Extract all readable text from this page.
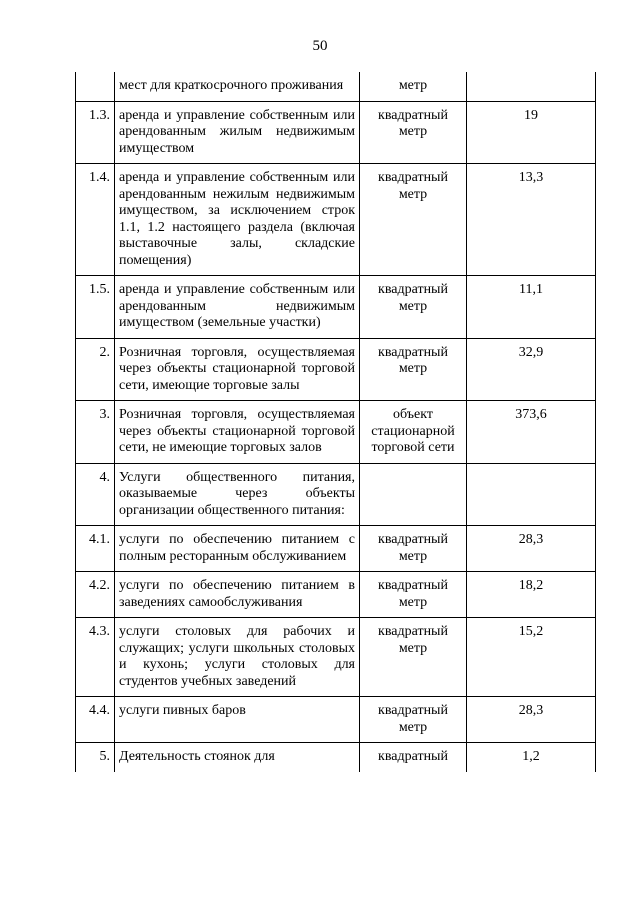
50
	мест для краткосрочного проживания	метр	
1.3.	аренда и управление собственным или арендованным жилым недвижимым имуществом	квадратный метр	19
1.4.	аренда и управление собственным или арендованным нежилым недвижимым имуществом, за исключением строк 1.1, 1.2 настоящего раздела (включая выставочные залы, складские помещения)	квадратный метр	13,3
1.5.	аренда и управление собственным или арендованным недвижимым имуществом (земельные участки)	квадратный метр	11,1
2.	Розничная торговля, осуществляемая через объекты стационарной торговой сети, имеющие торговые залы	квадратный метр	32,9
3.	Розничная торговля, осуществляемая через объекты стационарной торговой сети, не имеющие торговых залов	объект стационарной торговой сети	373,6
4.	Услуги общественного питания, оказываемые через объекты организации общественного питания:		
4.1.	услуги по обеспечению питанием с полным ресторанным обслуживанием	квадратный метр	28,3
4.2.	услуги по обеспечению питанием в заведениях самообслуживания	квадратный метр	18,2
4.3.	услуги столовых для рабочих и служащих; услуги школьных столовых и кухонь; услуги столовых для студентов учебных заведений	квадратный метр	15,2
4.4.	услуги пивных баров	квадратный метр	28,3
5.	Деятельность стоянок для	квадратный	1,2
